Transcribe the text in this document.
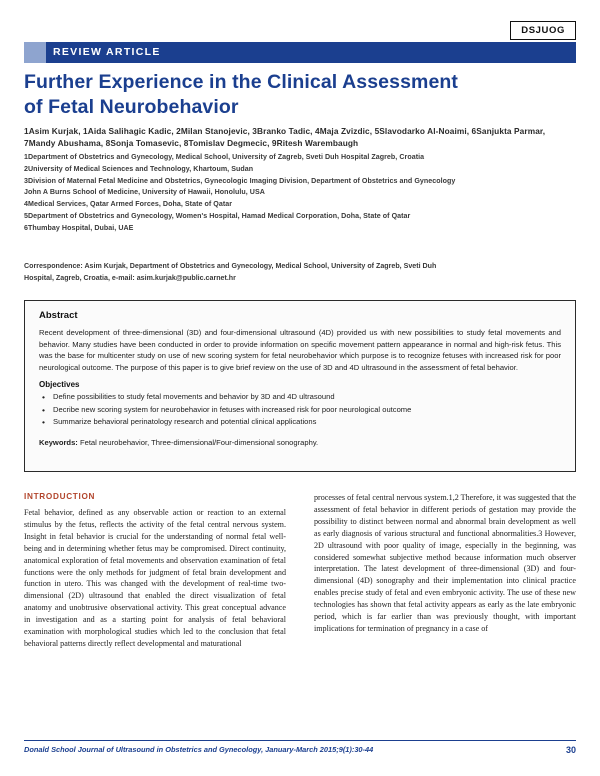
DSJUOG
REVIEW ARTICLE
Further Experience in the Clinical Assessment
of Fetal Neurobehavior
1Asim Kurjak, 1Aida Salihagic Kadic, 2Milan Stanojevic, 3Branko Tadic, 4Maja Zvizdic, 5Slavodarko Al-Noaimi, 6Sanjukta Parmar, 7Mandy Abushama, 8Sonja Tomasevic, 8Tomislav Degmecic, 9Ritesh Warembaugh
1Department of Obstetrics and Gynecology, Medical School, University of Zagreb, Sveti Duh Hospital Zagreb, Croatia
2University of Medical Sciences and Technology, Khartoum, Sudan
3Division of Maternal Fetal Medicine and Obstetrics, Gynecologic Imaging Division, Department of Obstetrics and Gynecology
John A Burns School of Medicine, University of Hawaii, Honolulu, USA
4Medical Services, Qatar Armed Forces, Doha, State of Qatar
5Department of Obstetrics and Gynecology, Women's Hospital, Hamad Medical Corporation, Doha, State of Qatar
6Thumbay Hospital, Dubai, UAE
Correspondence: Asim Kurjak, Department of Obstetrics and Gynecology, Medical School, University of Zagreb, Sveti Duh
Hospital, Zagreb, Croatia, e-mail: asim.kurjak@public.carnet.hr
Abstract
Recent development of three-dimensional (3D) and four-dimensional ultrasound (4D) provided us with new possibilities to study fetal movements and behavior. Many studies have been conducted in order to provide information on specific movement pattern appearance in normal and high-risk fetus. This was the base for multicenter study on use of new scoring system for fetal neurobehavior which purpose is to recognize fetuses with increased risk for poor neurological outcome. The purpose of this paper is to give brief review on the use of 3D and 4D ultrasound in the assessment of fetal behavior.
Objectives
• Define possibilities to study fetal movements and behavior by 3D and 4D ultrasound
• Decribe new scoring system for neurobehavior in fetuses with increased risk for poor neurological outcome
• Summarize behavioral perinatology research and potential clinical applications
Keywords: Fetal neurobehavior, Three-dimensional/Four-dimensional sonography.
INTRODUCTION
Fetal behavior, defined as any observable action or reaction to an external stimulus by the fetus, reflects the activity of the fetal central nervous system. Insight in fetal behavior is crucial for the understanding of normal fetal well-being and in determining whether fetus may be compromised. Direct continuity, anatomical exploration of fetal movements and observation examination of fetal functions were the only methods for judgment of fetal brain development and function in utero. This was changed with the development of real-time two-dimensional (2D) ultrasound that enabled the direct visualization of fetal anatomy and unobtrusive observational activity. This great conceptual advance in investigation and as a starting point for analysis of fetal behavioral examination with morphological studies which led to the conclusion that fetal behavioral patterns directly reflect developmental and maturational
processes of fetal central nervous system.1,2 Therefore, it was suggested that the assessment of fetal behavior in different periods of gestation may provide the possibility to distinct between normal and abnormal brain development as well as early diagnosis of various structural and functional abnormalities.3 However, 2D ultrasound with poor quality of image, especially in the beginning, was considered somewhat subjective method because information much observer interpretation. The latest development of three-dimensional (3D) and four-dimensional (4D) sonography and their implementation into clinical practice enables precise study of fetal and even embryonic activity. The use of these new technologies has shown that fetal activity appears as early as the late embryonic period, which is far earlier than was previously thought, with important implications for termination of pregnancy in a case of
Donald School Journal of Ultrasound in Obstetrics and Gynecology, January-March 2015;9(1):30-44	30
